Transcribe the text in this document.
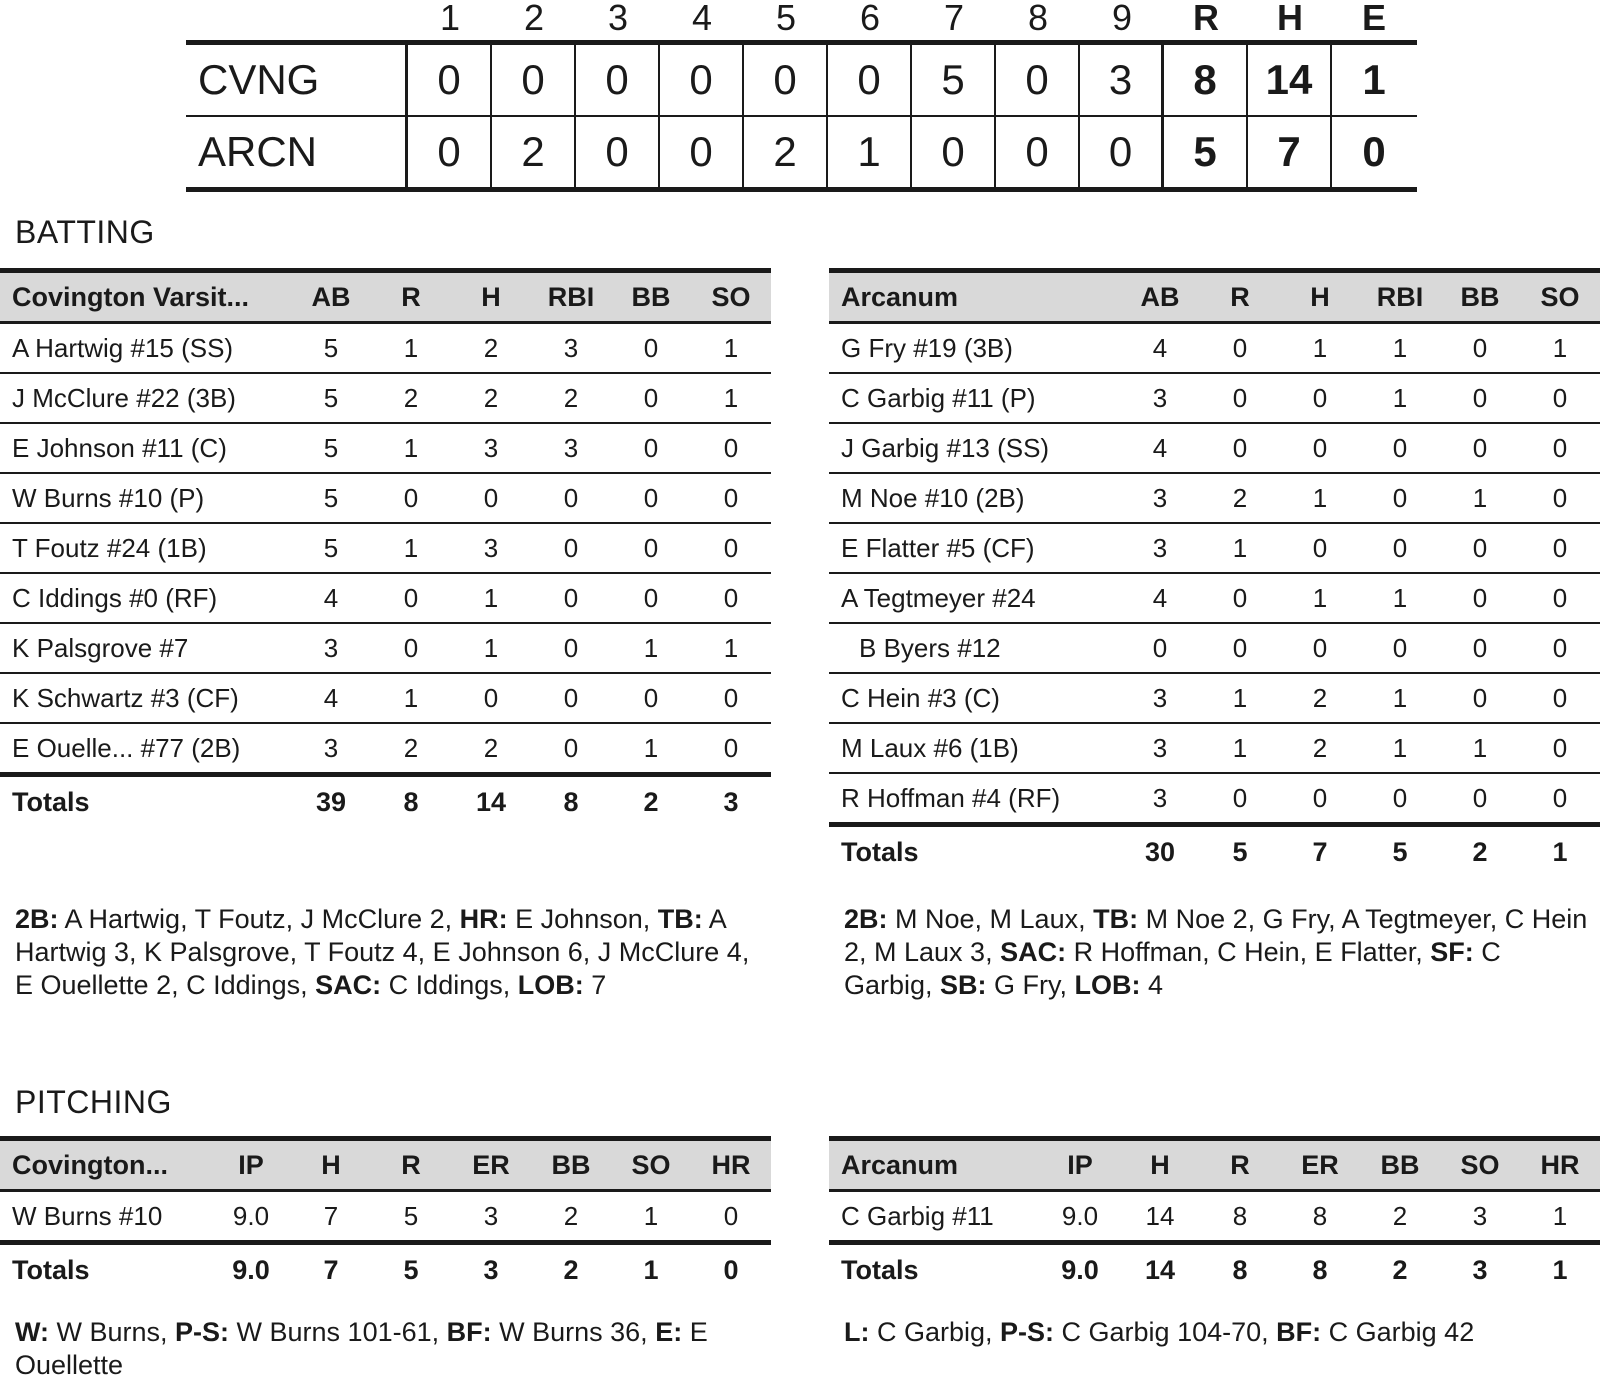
1	2	3	4	5	6	7	8	9	R	H	E
CVNG	0	0	0	0	0	0	5	0	3	8	14	1
ARCN	0	2	0	0	2	1	0	0	0	5	7	0
BATTING
Covington Varsit...	AB	R	H	RBI	BB	SO
A Hartwig #15 (SS)	5	1	2	3	0	1
J McClure #22 (3B)	5	2	2	2	0	1
E Johnson #11 (C)	5	1	3	3	0	0
W Burns #10 (P)	5	0	0	0	0	0
T Foutz #24 (1B)	5	1	3	0	0	0
C Iddings #0 (RF)	4	0	1	0	0	0
K Palsgrove #7	3	0	1	0	1	1
K Schwartz #3 (CF)	4	1	0	0	0	0
E Ouelle... #77 (2B)	3	2	2	0	1	0
Totals	39	8	14	8	2	3
Arcanum	AB	R	H	RBI	BB	SO
G Fry #19 (3B)	4	0	1	1	0	1
C Garbig #11 (P)	3	0	0	1	0	0
J Garbig #13 (SS)	4	0	0	0	0	0
M Noe #10 (2B)	3	2	1	0	1	0
E Flatter #5 (CF)	3	1	0	0	0	0
A Tegtmeyer #24	4	0	1	1	0	0
B Byers #12	0	0	0	0	0	0
C Hein #3 (C)	3	1	2	1	0	0
M Laux #6 (1B)	3	1	2	1	1	0
R Hoffman #4 (RF)	3	0	0	0	0	0
Totals	30	5	7	5	2	1
2B: A Hartwig, T Foutz, J McClure 2, HR: E Johnson, TB: A Hartwig 3, K Palsgrove, T Foutz 4, E Johnson 6, J McClure 4, E Ouellette 2, C Iddings, SAC: C Iddings, LOB: 7
2B: M Noe, M Laux, TB: M Noe 2, G Fry, A Tegtmeyer, C Hein 2, M Laux 3, SAC: R Hoffman, C Hein, E Flatter, SF: C Garbig, SB: G Fry, LOB: 4
PITCHING
Covington...	IP	H	R	ER	BB	SO	HR
W Burns #10	9.0	7	5	3	2	1	0
Totals	9.0	7	5	3	2	1	0
Arcanum	IP	H	R	ER	BB	SO	HR
C Garbig #11	9.0	14	8	8	2	3	1
Totals	9.0	14	8	8	2	3	1
W: W Burns, P-S: W Burns 101-61, BF: W Burns 36, E: E Ouellette
L: C Garbig, P-S: C Garbig 104-70, BF: C Garbig 42
